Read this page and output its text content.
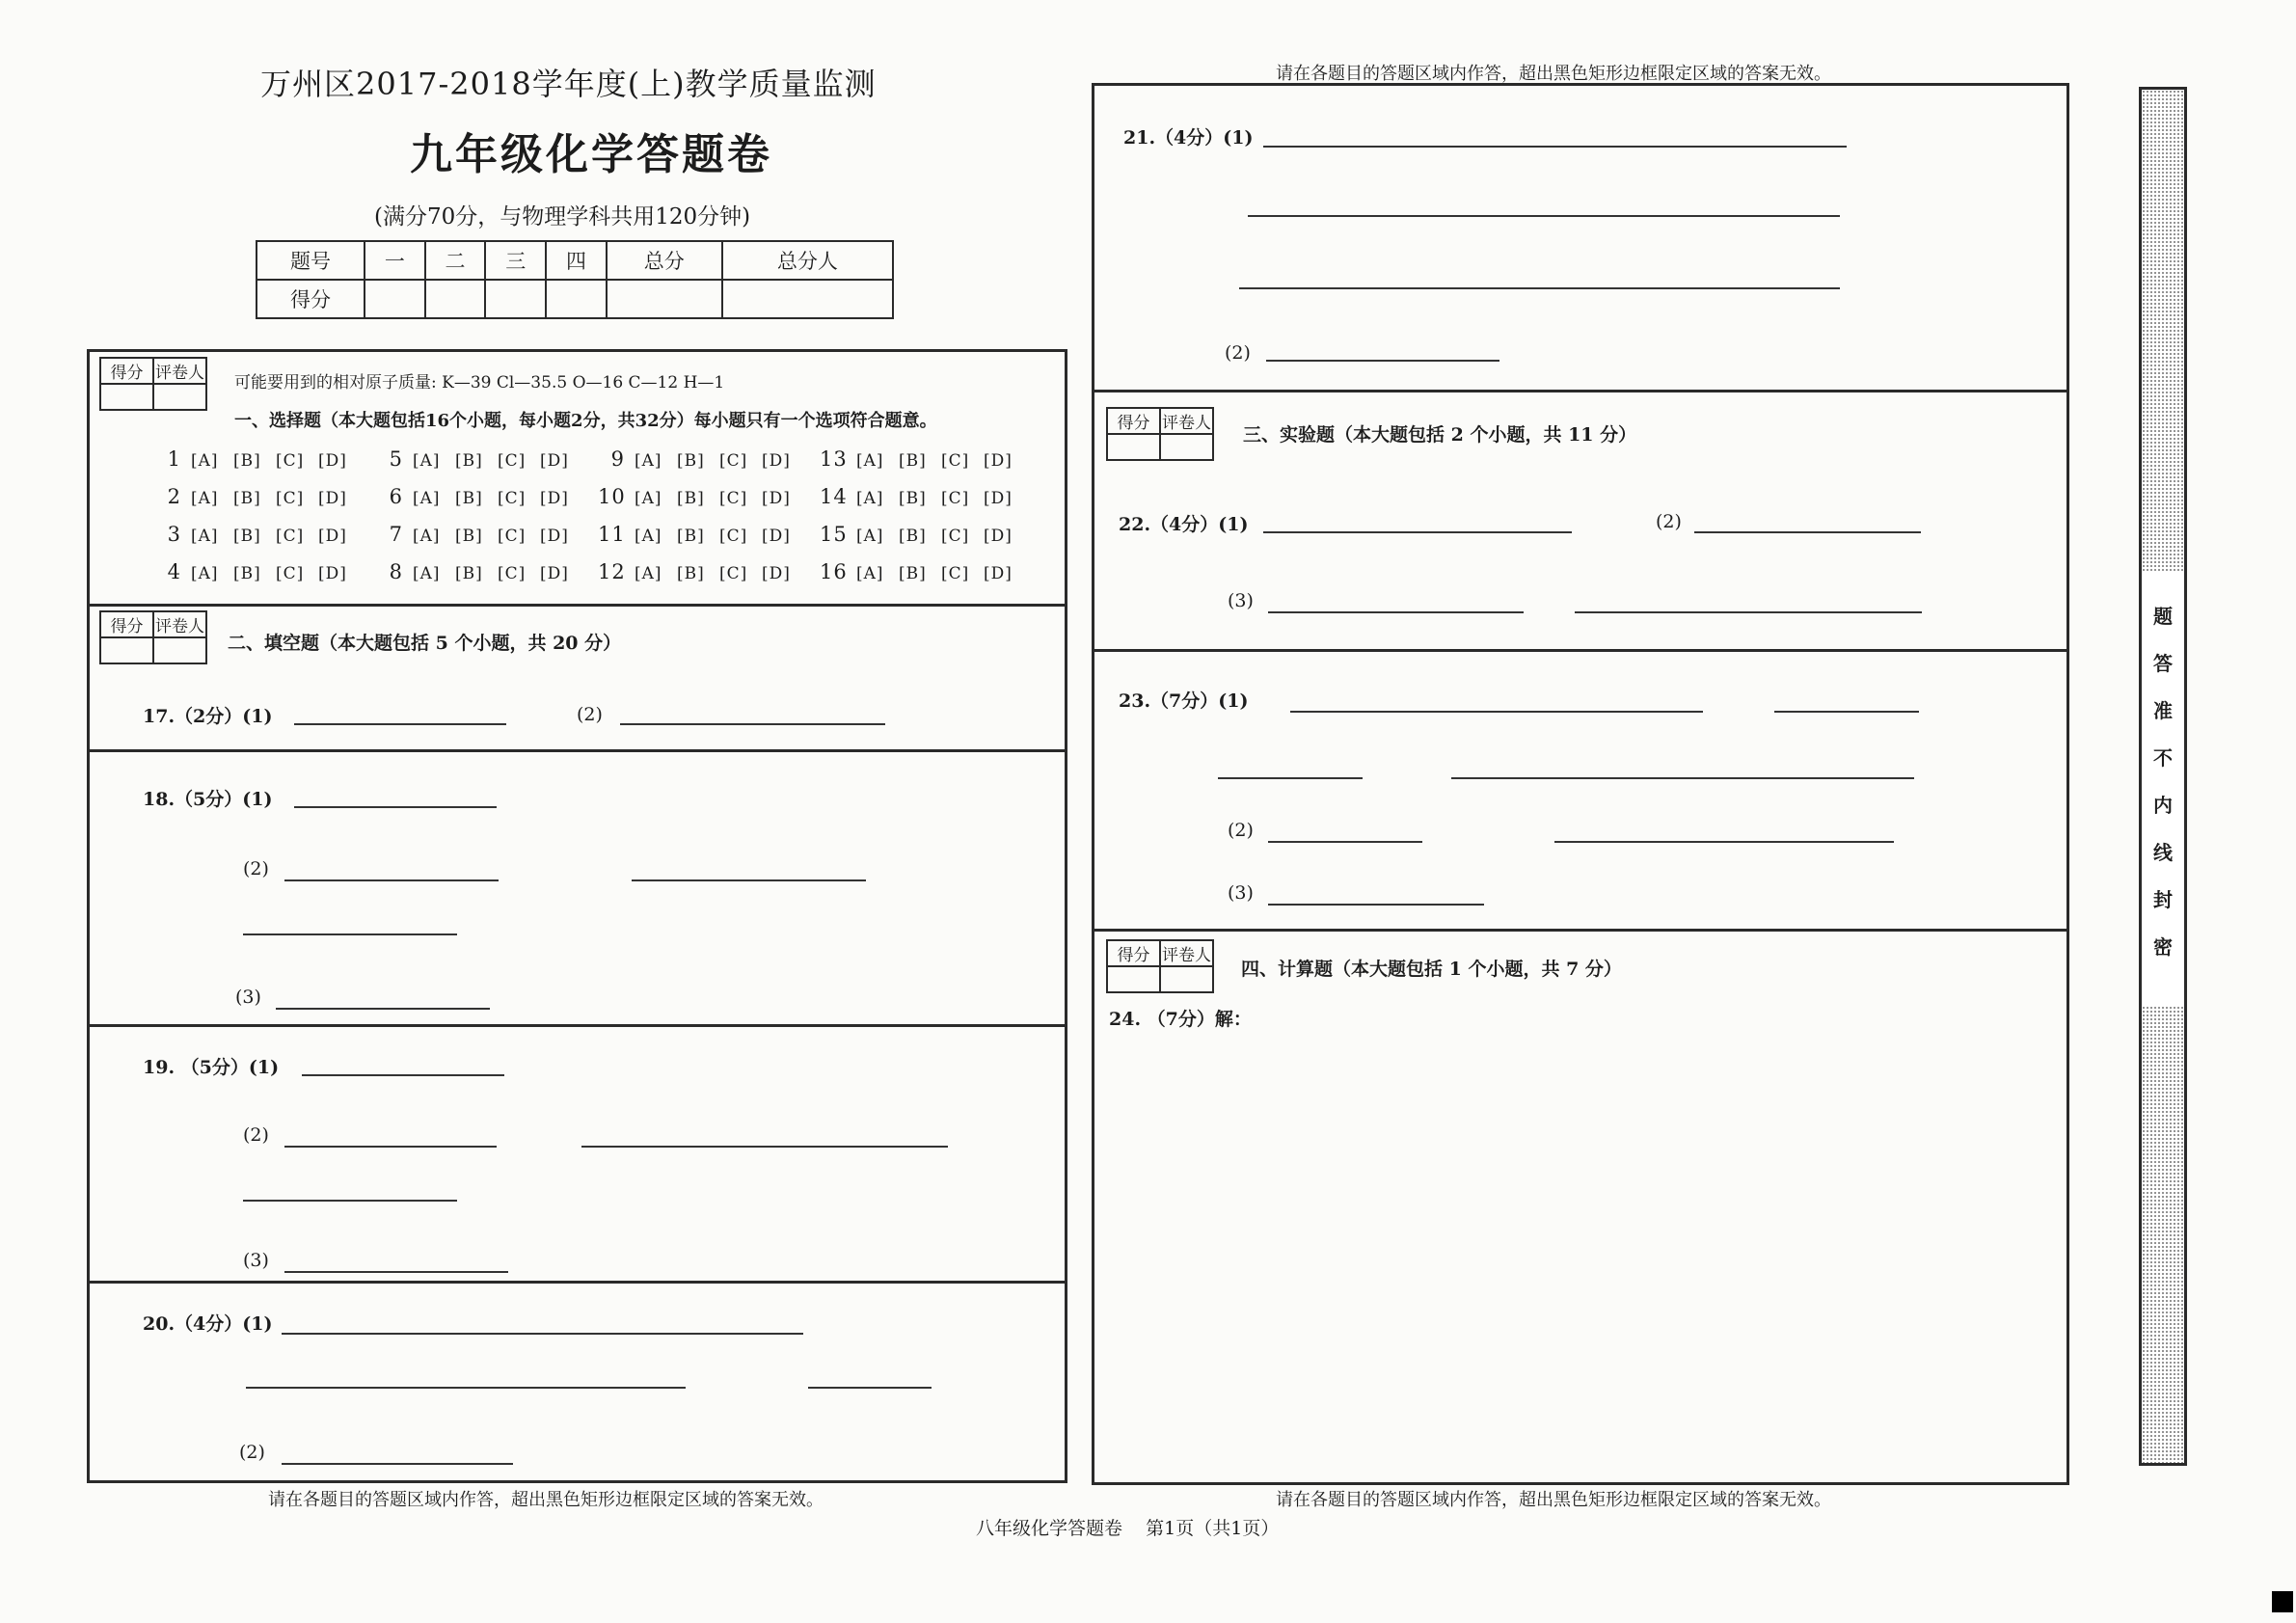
万州区2017-2018学年度(上)教学质量监测
九年级化学答题卷
(满分70分，与物理学科共用120分钟)
题号	一	二	三	四	总分	总分人
得分						
得分	评卷人
	可能要用到的相对原子质量: K—39 Cl—35.5 O—16 C—12 H—1
一、选择题（本大题包括16个小题，每小题2分，共32分）每小题只有一个选项符合题意。
1 [A] [B] [C] [D] 5 [A] [B] [C] [D] 9 [A] [B] [C] [D] 13 [A] [B] [C] [D]
2 [A] [B] [C] [D] 6 [A] [B] [C] [D] 10 [A] [B] [C] [D] 14 [A] [B] [C] [D]
3 [A] [B] [C] [D] 7 [A] [B] [C] [D] 11 [A] [B] [C] [D] 15 [A] [B] [C] [D]
4 [A] [B] [C] [D] 8 [A] [B] [C] [D] 12 [A] [B] [C] [D] 16 [A] [B] [C] [D]
得分	评卷人

二、填空题（本大题包括 5 个小题，共 20 分）
17.（2分）(1)	(2)
18.（5分）(1)
(2)
(3)
19. （5分）(1)
(2)
(3)
20.（4分）(1)
(2)
请在各题目的答题区域内作答，超出黑色矩形边框限定区域的答案无效。
请在各题目的答题区域内作答，超出黑色矩形边框限定区域的答案无效。
21.（4分）(1)
(2)
得分	评卷人

三、实验题（本大题包括 2 个小题，共 11 分）
22.（4分）(1)	(2)
(3)
23.（7分）(1)
(2)
(3)
得分	评卷人

四、计算题（本大题包括 1 个小题，共 7 分）
24. （7分）解：
请在各题目的答题区域内作答，超出黑色矩形边框限定区域的答案无效。
八年级化学答题卷    第1页（共1页）
题
答
准
不
内
线
封
密
